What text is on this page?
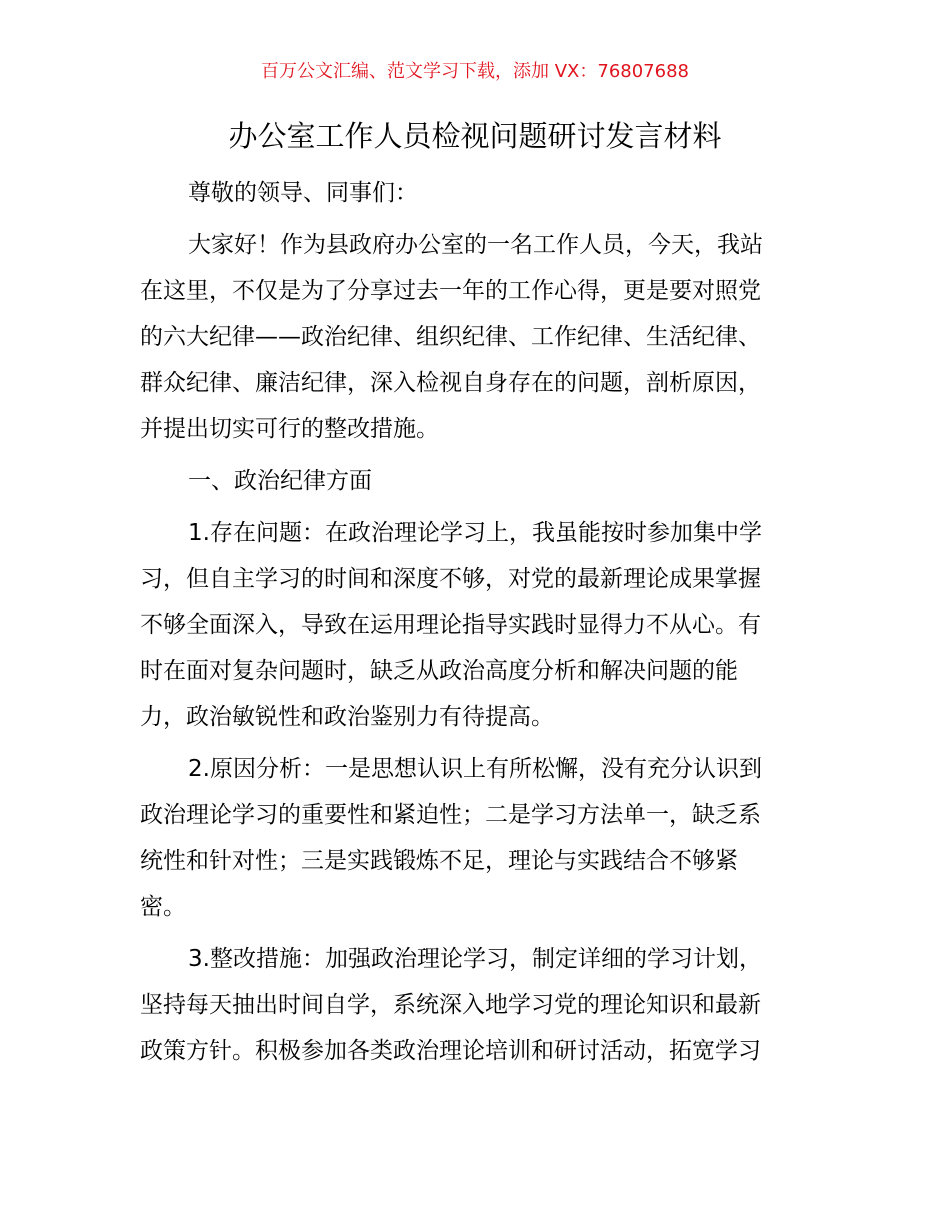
百万公文汇编、范文学习下载，添加 VX：76807688
办公室工作人员检视问题研讨发言材料
尊敬的领导、同事们：
大家好！作为县政府办公室的一名工作人员，今天，我站
在这里，不仅是为了分享过去一年的工作心得，更是要对照党
的六大纪律——政治纪律、组织纪律、工作纪律、生活纪律、
群众纪律、廉洁纪律，深入检视自身存在的问题，剖析原因，
并提出切实可行的整改措施。
一、政治纪律方面
1.存在问题：在政治理论学习上，我虽能按时参加集中学
习，但自主学习的时间和深度不够，对党的最新理论成果掌握
不够全面深入，导致在运用理论指导实践时显得力不从心。有
时在面对复杂问题时，缺乏从政治高度分析和解决问题的能
力，政治敏锐性和政治鉴别力有待提高。
2.原因分析：一是思想认识上有所松懈，没有充分认识到
政治理论学习的重要性和紧迫性；二是学习方法单一，缺乏系
统性和针对性；三是实践锻炼不足，理论与实践结合不够紧
密。
3.整改措施：加强政治理论学习，制定详细的学习计划，
坚持每天抽出时间自学，系统深入地学习党的理论知识和最新
政策方针。积极参加各类政治理论培训和研讨活动，拓宽学习
